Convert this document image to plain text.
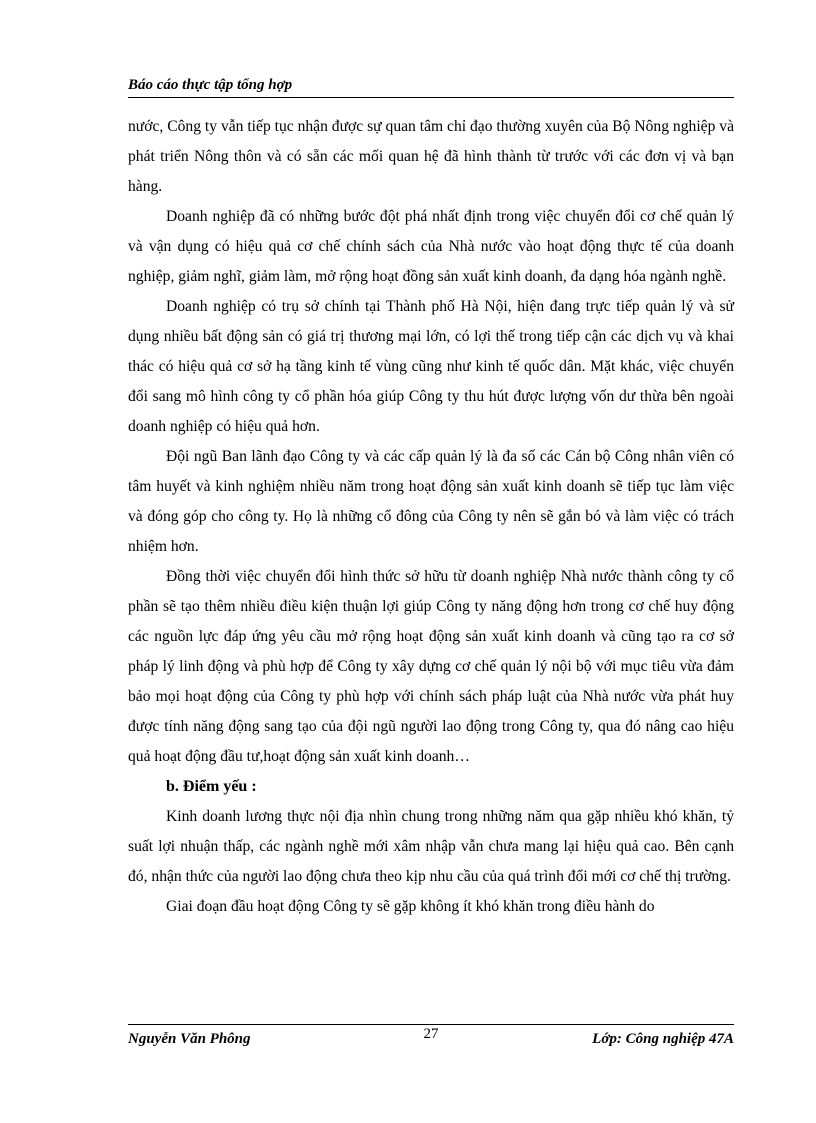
Báo cáo thực tập tổng hợp

nước, Công ty vẫn tiếp tục nhận được sự quan tâm chỉ đạo thường xuyên của Bộ Nông nghiệp và phát triển Nông thôn và có sẵn các mối quan hệ đã hình thành từ trước với các đơn vị và bạn hàng.

Doanh nghiệp đã có những bước đột phá nhất định trong việc chuyển đổi cơ chế quản lý và vận dụng có hiệu quả cơ chế chính sách của Nhà nước vào hoạt động thực tế của doanh nghiệp, giảm nghĩ, giảm làm, mở rộng hoạt đồng sản xuất kinh doanh, đa dạng hóa ngành nghề.

Doanh nghiệp có trụ sở chính tại Thành phố Hà Nội, hiện đang trực tiếp quản lý và sử dụng nhiều bất động sản có giá trị thương mại lớn, có lợi thế trong tiếp cận các dịch vụ và khai thác có hiệu quả cơ sở hạ tầng kinh tế vùng cũng như kinh tế quốc dân. Mặt khác, việc chuyển đổi sang mô hình công ty cổ phần hóa giúp Công ty thu hút được lượng vốn dư thừa bên ngoài doanh nghiệp có hiệu quả hơn.

Đội ngũ Ban lãnh đạo Công ty và các cấp quản lý là đa số các Cán bộ Công nhân viên có tâm huyết và kinh nghiệm nhiều năm trong hoạt động sản xuất kinh doanh sẽ tiếp tục làm việc và đóng góp cho công ty. Họ là những cổ đông của Công ty nên sẽ gắn bó và làm việc có trách nhiệm hơn.

Đồng thời việc chuyển đổi hình thức sở hữu từ doanh nghiệp Nhà nước thành công ty cổ phần sẽ tạo thêm nhiều điều kiện thuận lợi giúp Công ty năng động hơn trong cơ chế huy động các nguồn lực đáp ứng yêu cầu mở rộng hoạt động sản xuất kinh doanh và cũng tạo ra cơ sở pháp lý linh động và phù hợp để Công ty xây dựng cơ chế quản lý nội bộ với mục tiêu vừa đảm bảo mọi hoạt động của Công ty phù hợp với chính sách pháp luật của Nhà nước vừa phát huy được tính năng động sang tạo của đội ngũ người lao động trong Công ty, qua đó nâng cao hiệu quả hoạt động đầu tư,hoạt động sản xuất kinh doanh…

b. Điểm yếu :

Kinh doanh lương thực nội địa nhìn chung trong những năm qua gặp nhiều khó khăn, tỷ suất lợi nhuận thấp, các ngành nghề mới xâm nhập vẫn chưa mang lại hiệu quả cao. Bên cạnh đó, nhận thức của người lao động chưa theo kịp nhu cầu của quá trình đổi mới cơ chế thị trường.

Giai đoạn đầu hoạt động Công ty sẽ gặp không ít khó khăn trong điều hành do

Nguyễn Văn Phông	27	Lớp: Công nghiệp 47A
